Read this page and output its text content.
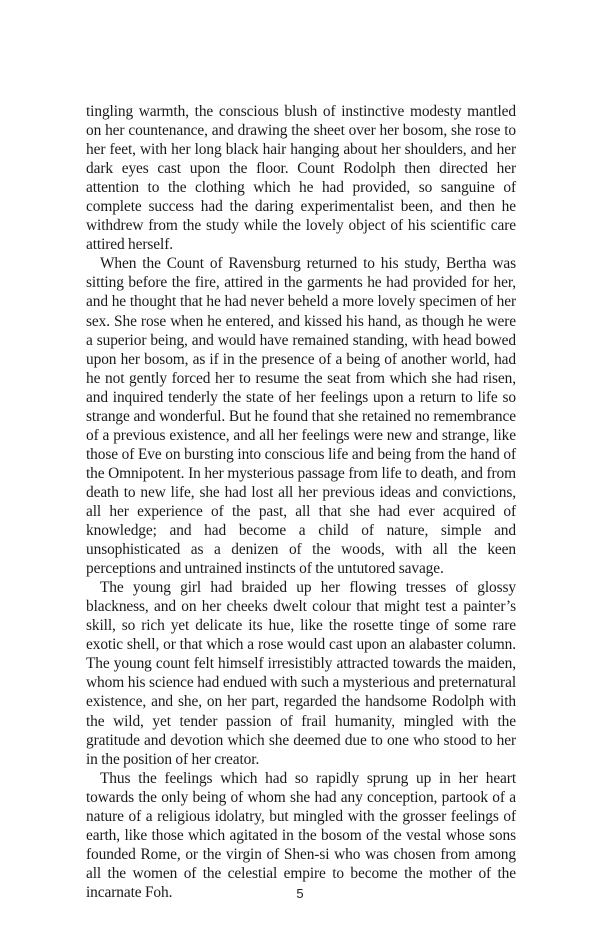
tingling warmth, the conscious blush of instinctive modesty mantled on her countenance, and drawing the sheet over her bosom, she rose to her feet, with her long black hair hanging about her shoulders, and her dark eyes cast upon the floor. Count Rodolph then directed her attention to the clothing which he had provided, so sanguine of complete success had the daring experimentalist been, and then he withdrew from the study while the lovely object of his scientific care attired herself.

When the Count of Ravensburg returned to his study, Bertha was sitting before the fire, attired in the garments he had provided for her, and he thought that he had never beheld a more lovely specimen of her sex. She rose when he entered, and kissed his hand, as though he were a superior being, and would have remained standing, with head bowed upon her bosom, as if in the presence of a being of another world, had he not gently forced her to resume the seat from which she had risen, and inquired tenderly the state of her feelings upon a return to life so strange and wonderful. But he found that she retained no remembrance of a previous existence, and all her feelings were new and strange, like those of Eve on bursting into conscious life and being from the hand of the Omnipotent. In her mysterious passage from life to death, and from death to new life, she had lost all her previous ideas and convictions, all her experience of the past, all that she had ever acquired of knowledge; and had become a child of nature, simple and unsophisticated as a denizen of the woods, with all the keen perceptions and untrained instincts of the untutored savage.

The young girl had braided up her flowing tresses of glossy blackness, and on her cheeks dwelt colour that might test a painter’s skill, so rich yet delicate its hue, like the rosette tinge of some rare exotic shell, or that which a rose would cast upon an alabaster column. The young count felt himself irresistibly attracted towards the maiden, whom his science had endued with such a mysterious and preternatural existence, and she, on her part, regarded the handsome Rodolph with the wild, yet tender passion of frail humanity, mingled with the gratitude and devotion which she deemed due to one who stood to her in the position of her creator.

Thus the feelings which had so rapidly sprung up in her heart towards the only being of whom she had any conception, partook of a nature of a religious idolatry, but mingled with the grosser feelings of earth, like those which agitated in the bosom of the vestal whose sons founded Rome, or the virgin of Shen-si who was chosen from among all the women of the celestial empire to become the mother of the incarnate Foh.	5
